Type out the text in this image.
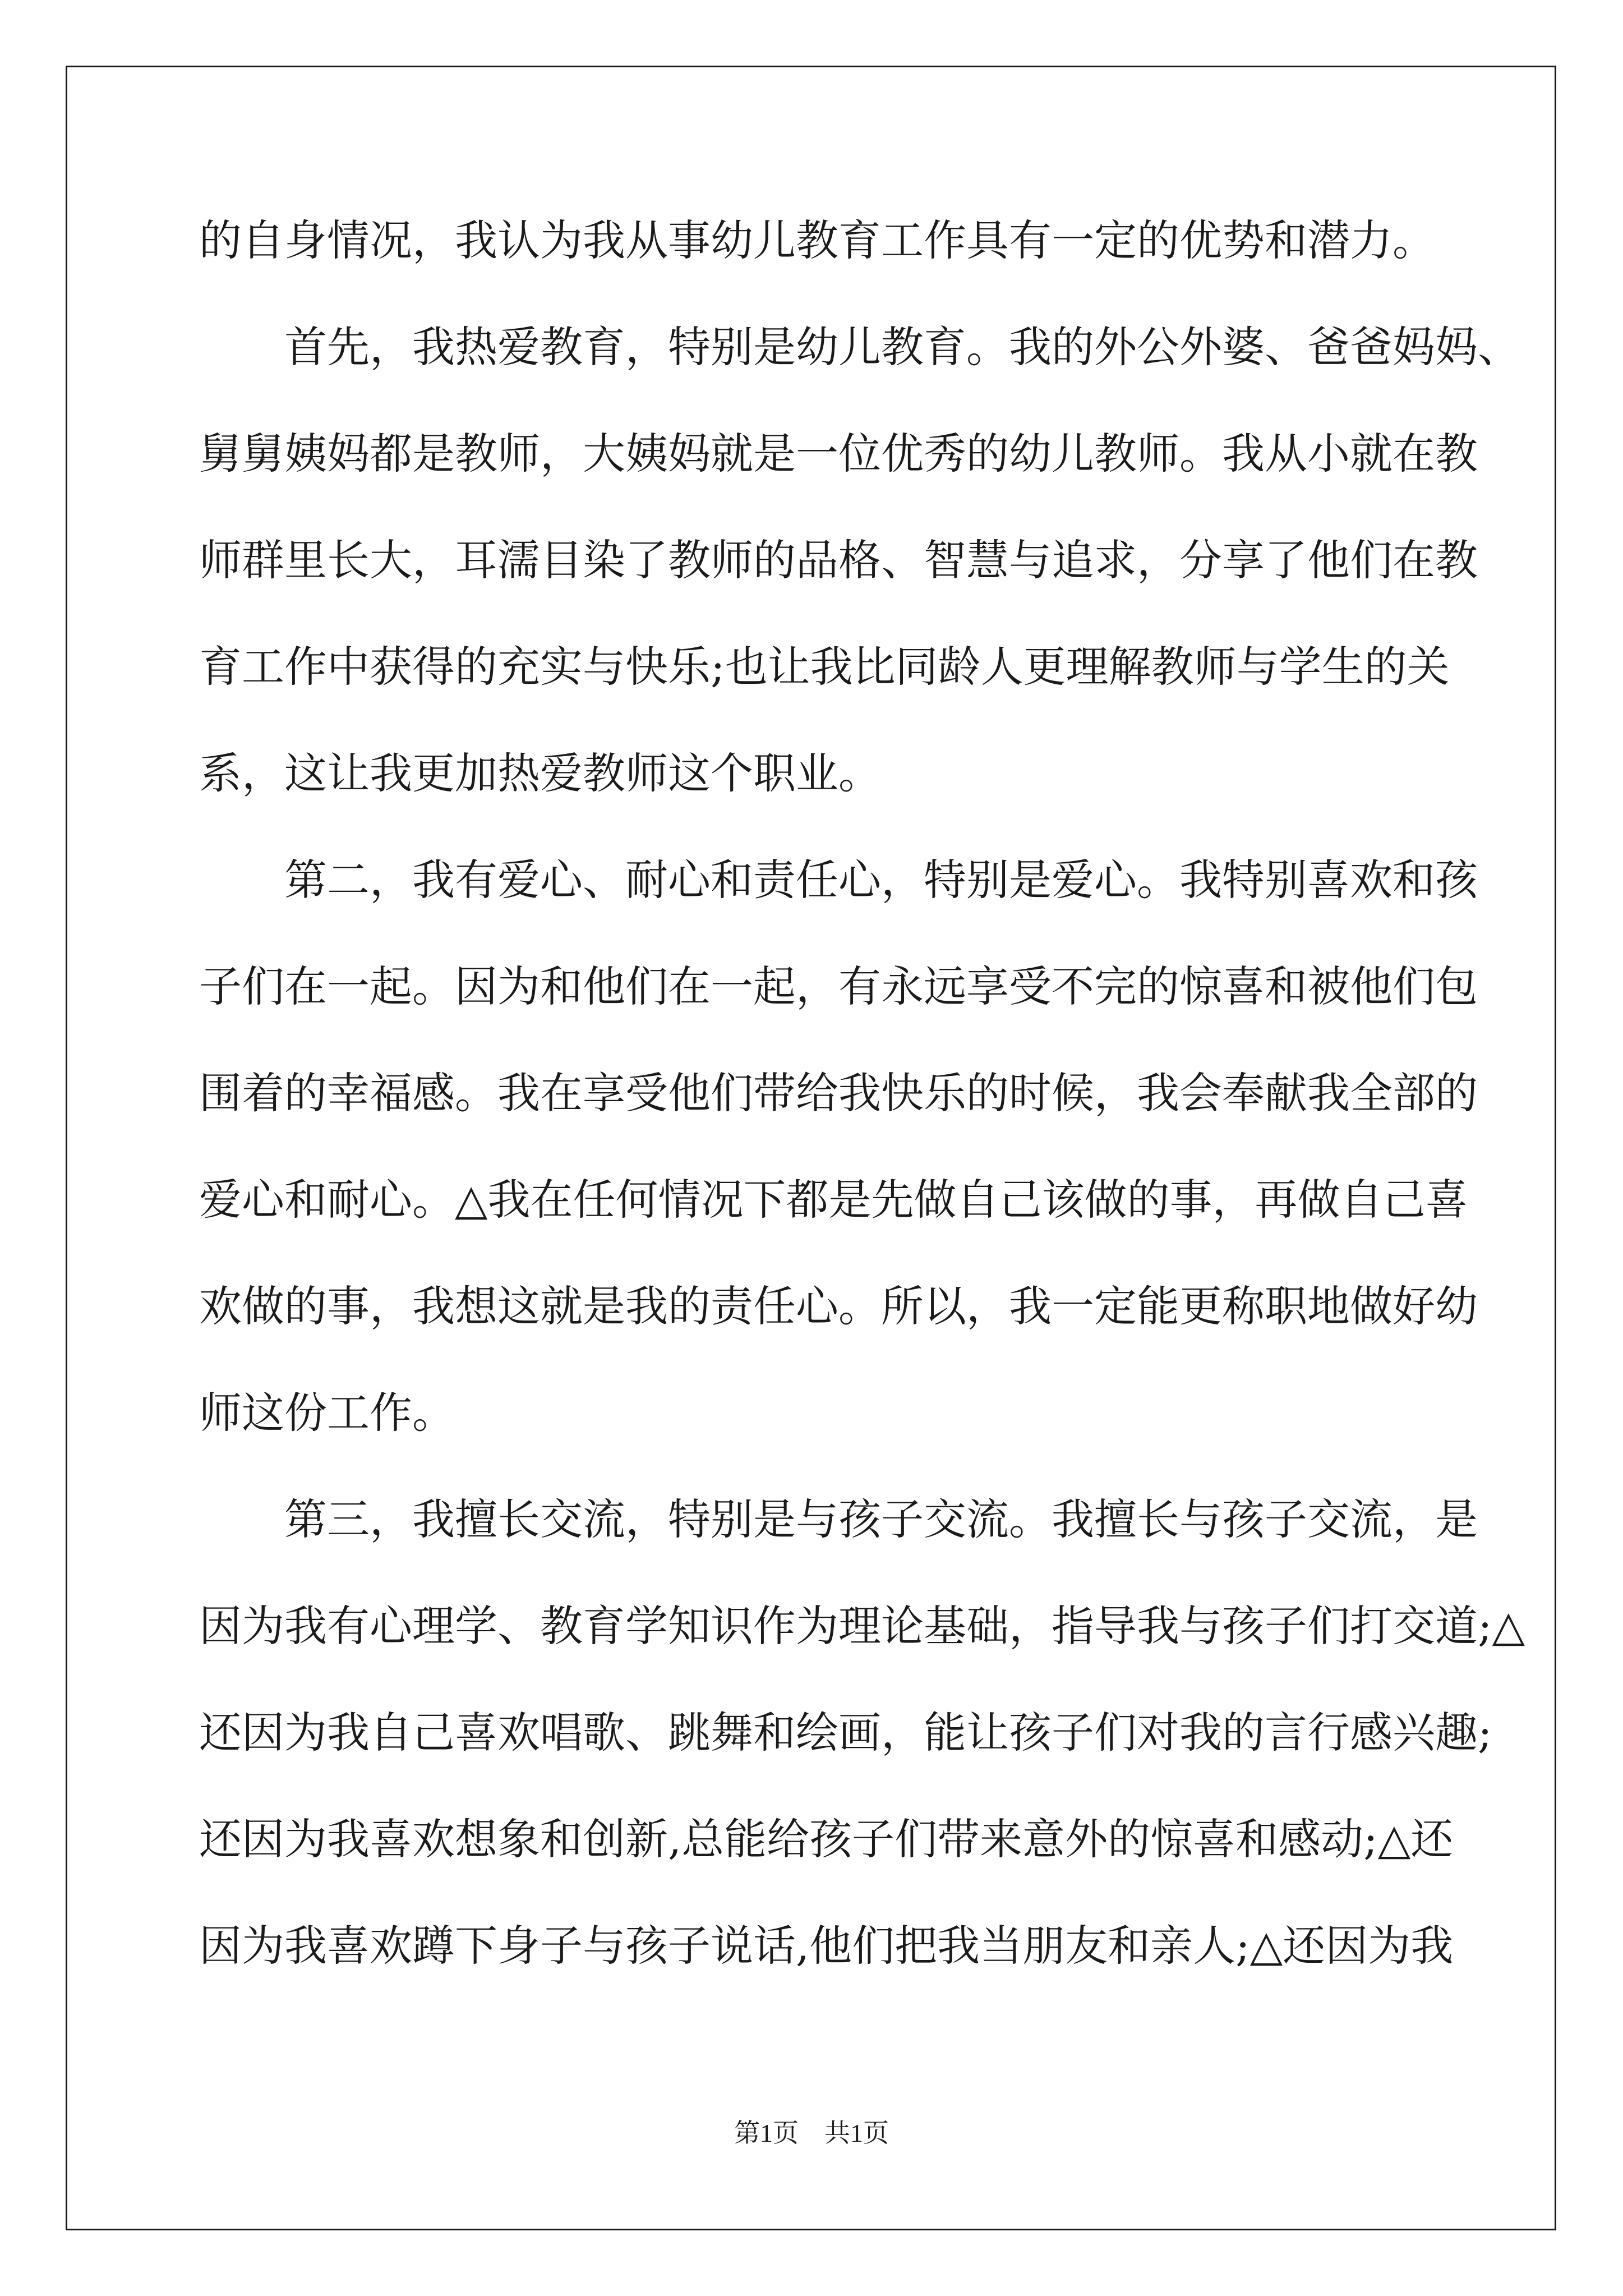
的自身情况，我认为我从事幼儿教育工作具有一定的优势和潜力。
　　首先，我热爱教育，特别是幼儿教育。我的外公外婆、爸爸妈妈、
舅舅姨妈都是教师，大姨妈就是一位优秀的幼儿教师。我从小就在教
师群里长大，耳濡目染了教师的品格、智慧与追求，分享了他们在教
育工作中获得的充实与快乐;也让我比同龄人更理解教师与学生的关
系，这让我更加热爱教师这个职业。
　　第二，我有爱心、耐心和责任心，特别是爱心。我特别喜欢和孩
子们在一起。因为和他们在一起，有永远享受不完的惊喜和被他们包
围着的幸福感。我在享受他们带给我快乐的时候，我会奉献我全部的
爱心和耐心。△我在任何情况下都是先做自己该做的事，再做自己喜
欢做的事，我想这就是我的责任心。所以，我一定能更称职地做好幼
师这份工作。
　　第三，我擅长交流，特别是与孩子交流。我擅长与孩子交流，是
因为我有心理学、教育学知识作为理论基础，指导我与孩子们打交道;△
还因为我自己喜欢唱歌、跳舞和绘画，能让孩子们对我的言行感兴趣;
还因为我喜欢想象和创新,总能给孩子们带来意外的惊喜和感动;△还
因为我喜欢蹲下身子与孩子说话,他们把我当朋友和亲人;△还因为我
第1页　共1页
